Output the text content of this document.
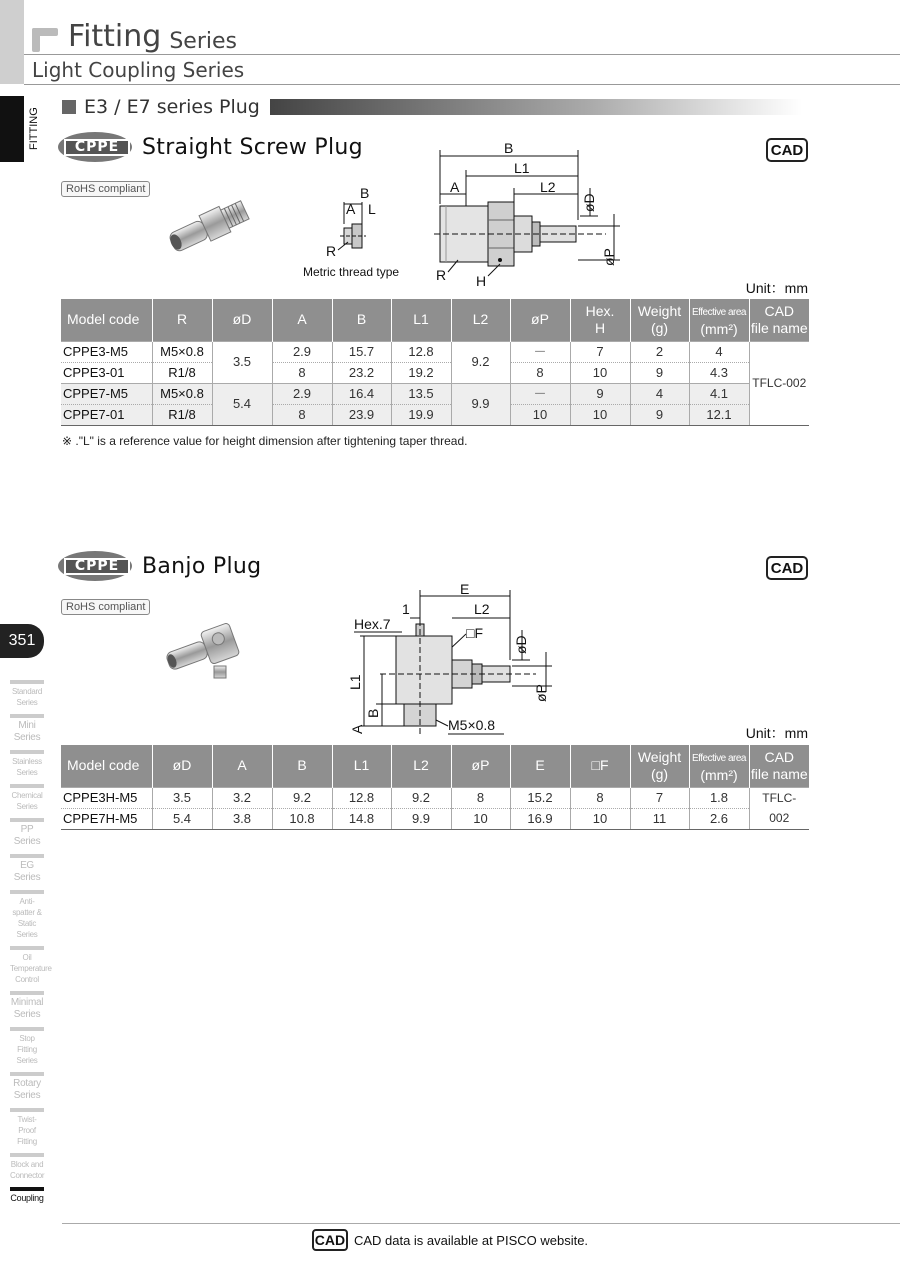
Fitting Series
Light Coupling Series
FITTING
351
Standard Series
Mini Series
Stainless Series
Chemical Series
PP Series
EG Series
Anti-spatter & Static Series
Oil Temperature Control
Minimal Series
Stop Fitting Series
Rotary Series
Twist-Proof Fitting
Block and Connector
Coupling
E3 / E7 series Plug
CPPE	Straight Screw Plug	CAD
RoHS compliant	B
A L
R
Metric thread type
B
L1
A	L2
øD
øP
R H	Unit：mm
Model code	R	øD	A	B	L1	L2	øP	Hex.
H	Weight
(g)	Effective area
(mm²)	CAD
file name
CPPE3-M5	M5×0.8	3.5	2.9	15.7	12.8	9.2	－	7	2	4	TFLC-002
CPPE3-01	R1/8		8	23.2	19.2		8	10	9	4.3	
CPPE7-M5	M5×0.8	5.4	2.9	16.4	13.5	9.9	－	9	4	4.1	
CPPE7-01	R1/8		8	23.9	19.9		10	10	9	12.1	
※ ."L" is a reference value for height dimension after tightening taper thread.
CPPE	Banjo Plug	CAD
RoHS compliant
E
1	L2
Hex.7
□F
øD
øP
L1
B
A	M5×0.8	Unit：mm
Model code	øD	A	B	L1	L2	øP	E	□F	Weight
(g)	Effective area
(mm²)	CAD
file name
CPPE3H-M5	3.5	3.2	9.2	12.8	9.2	8	15.2	8	7	1.8	TFLC-
CPPE7H-M5	5.4	3.8	10.8	14.8	9.9	10	16.9	10	11	2.6	002
CAD CAD data is available at PISCO website.
